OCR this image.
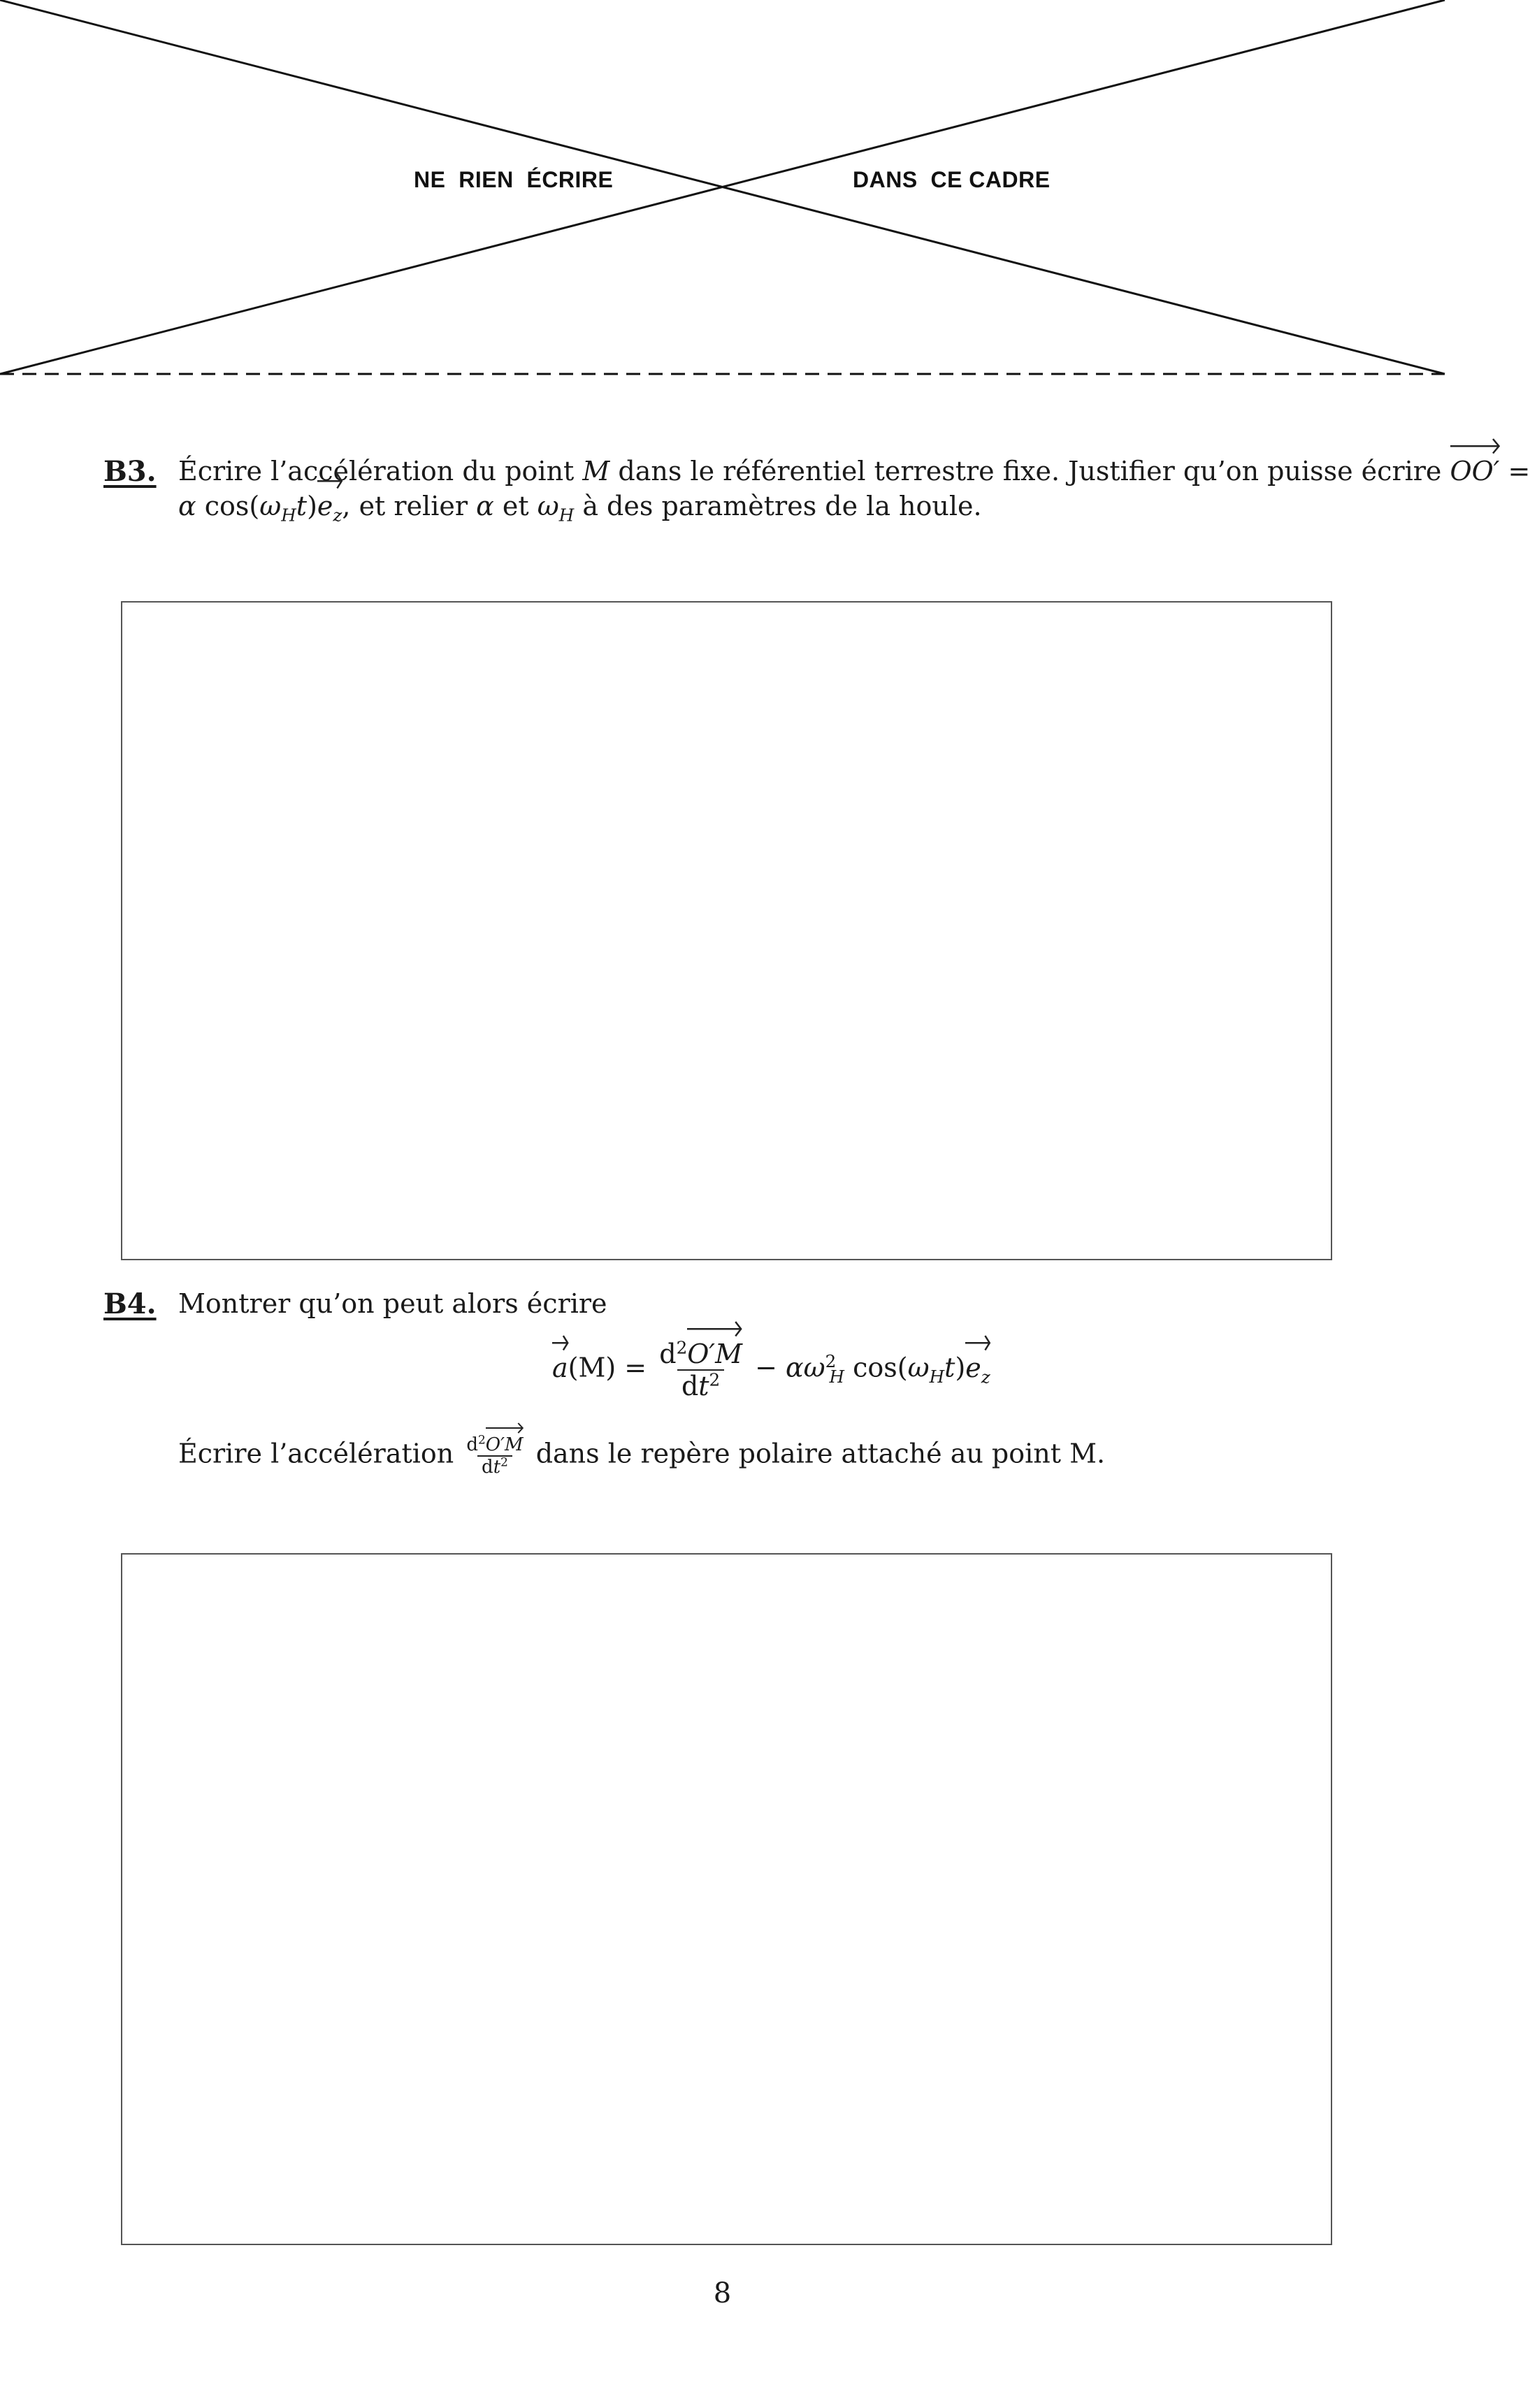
NE  RIEN  ÉCRIRE	DANS  CE CADRE
B3. Écrire l’accélération du point M dans le référentiel terrestre fixe. Justifier qu’on puisse écrire
OO′ =
α $\cos(\omega_Ht)$
$e_z$, et relier α et $\omega_H$ à des paramètres de la houle.
B4. Montrer qu’on peut alors écrire
$a(M) = d^2$
O′M
$dt^2 - \alpha\omega^2_H$ $\cos(\omega_Ht)$
$e_z$
Écrire l’accélération $d^2$
O′M
$dt^2$ dans le repère polaire attaché au point M.
8
